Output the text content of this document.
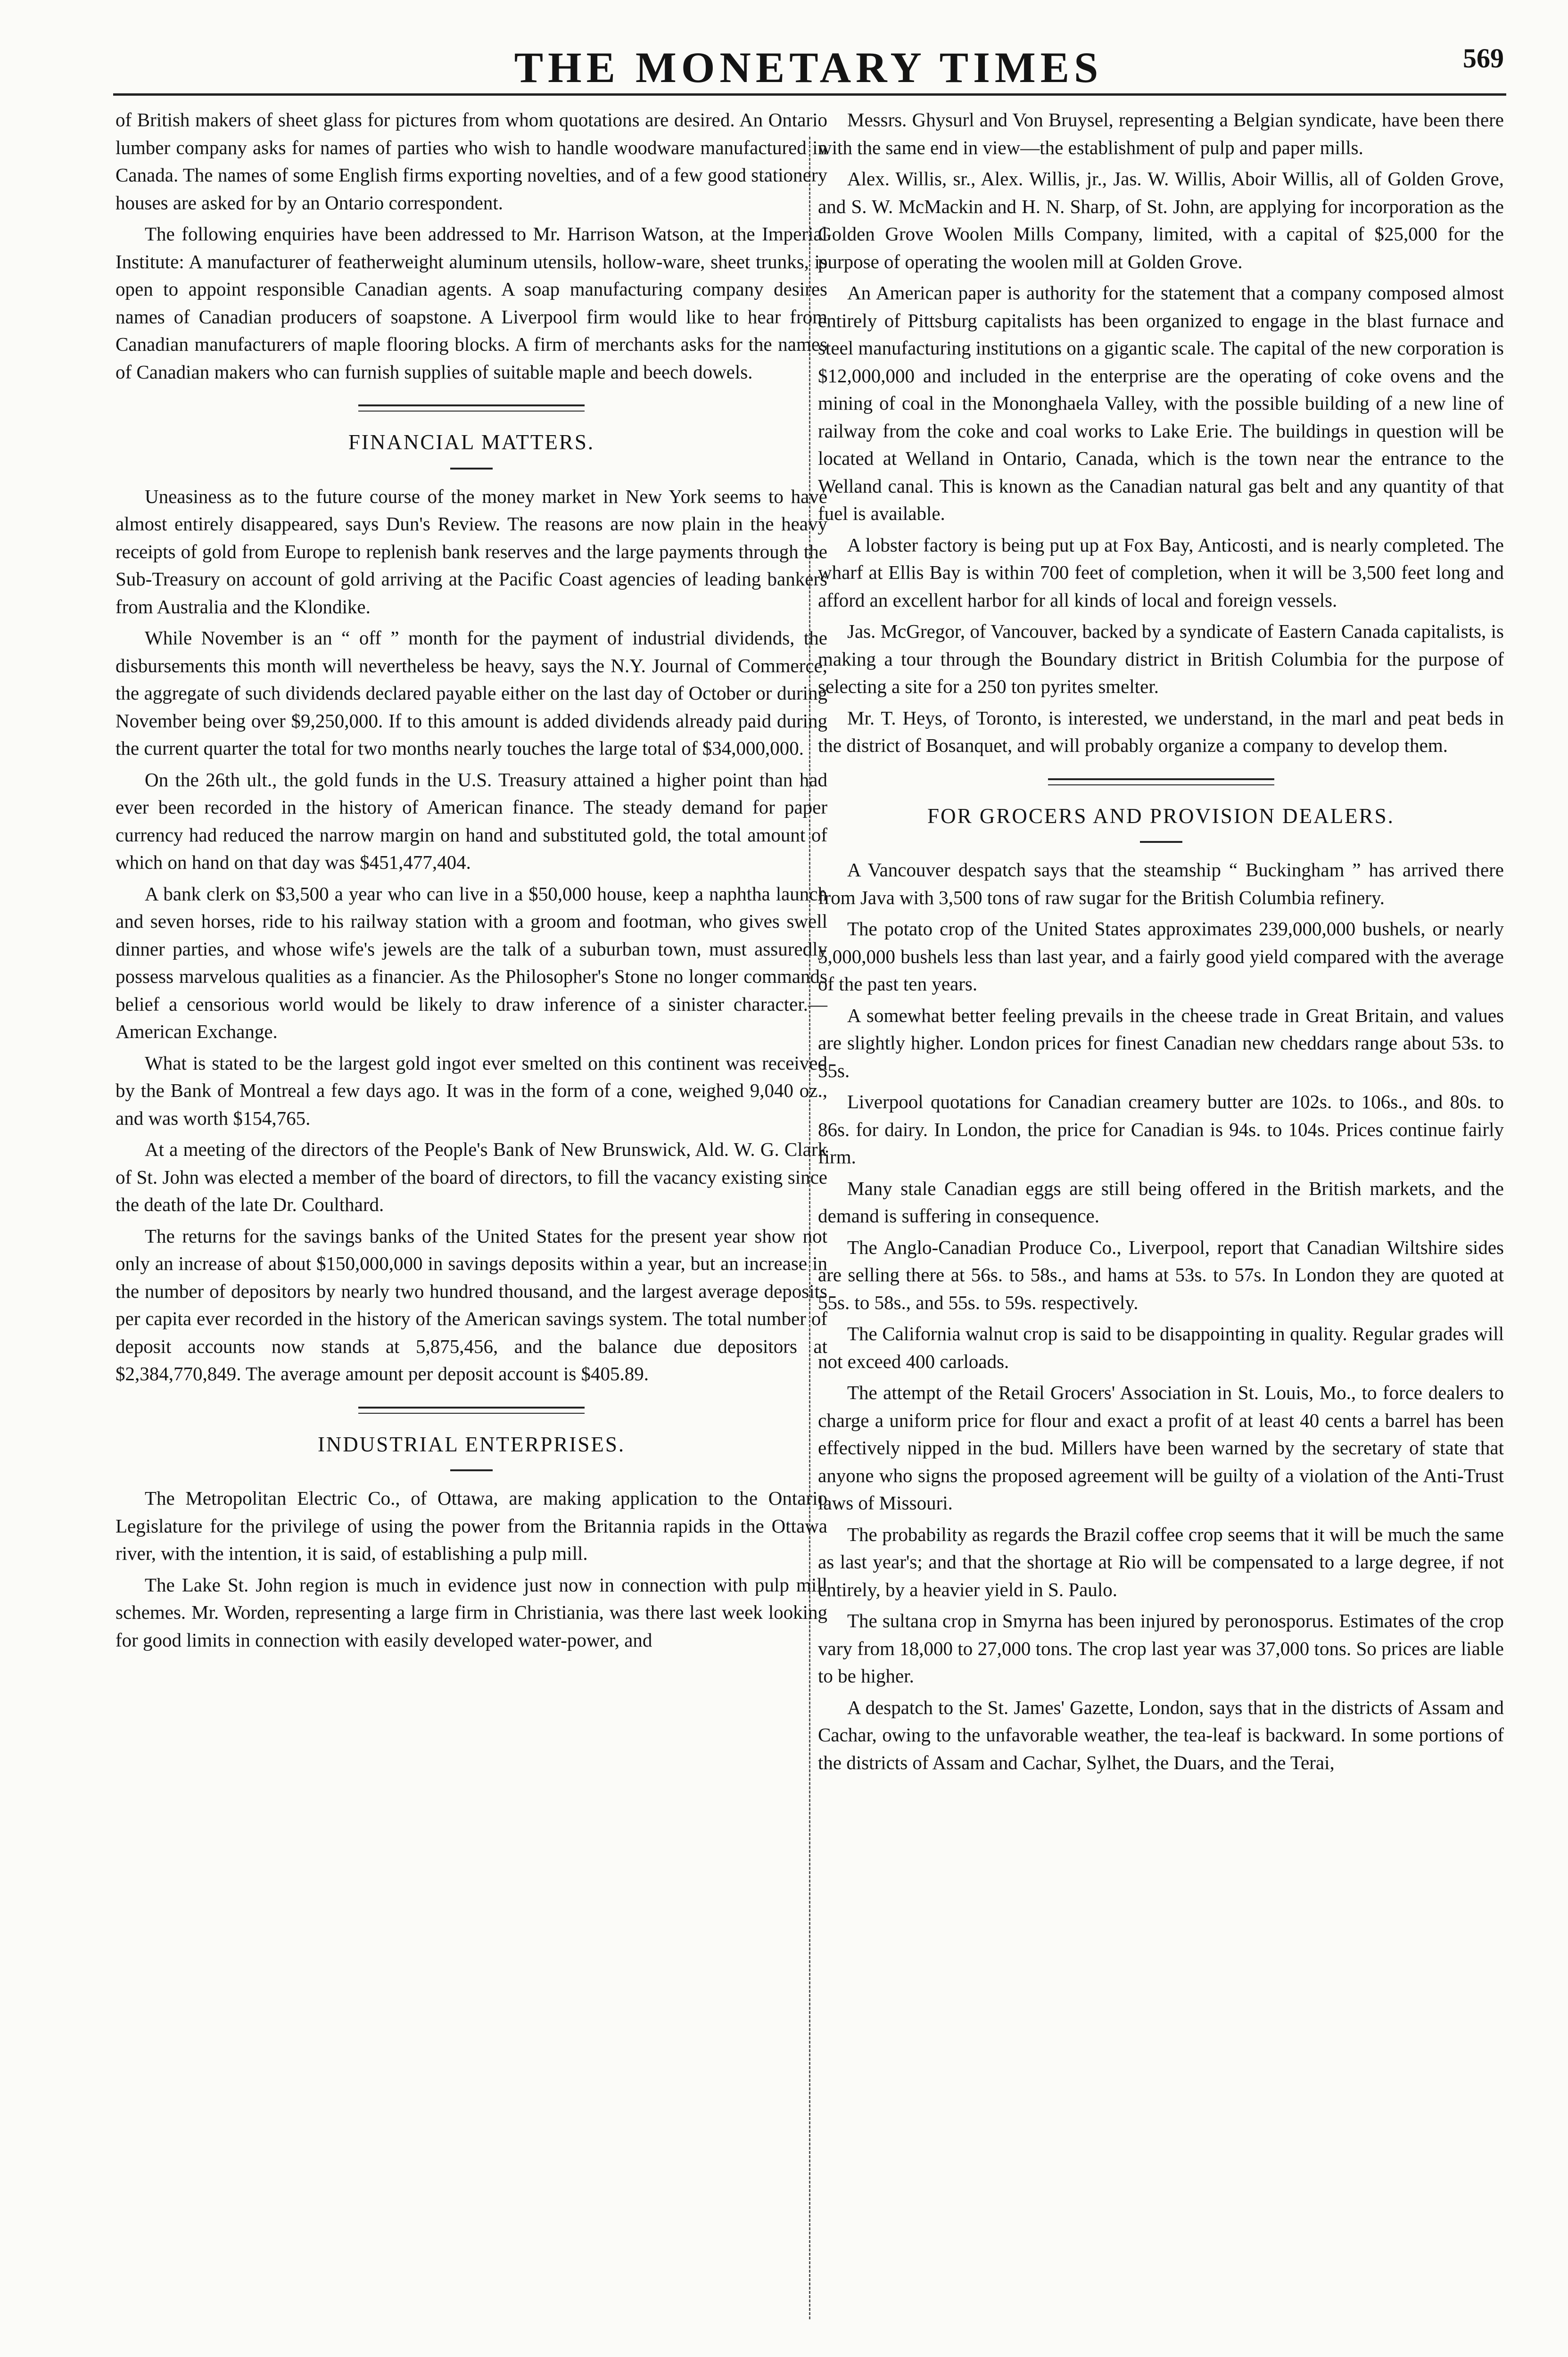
THE MONETARY TIMES	569

of British makers of sheet glass for pictures from whom quotations are desired. An Ontario lumber company asks for names of parties who wish to handle woodware manufactured in Canada. The names of some English firms exporting novelties, and of a few good stationery houses are asked for by an Ontario correspondent.

The following enquiries have been addressed to Mr. Harrison Watson, at the Imperial Institute: A manufacturer of featherweight aluminum utensils, hollow-ware, sheet trunks, is open to appoint responsible Canadian agents. A soap manufacturing company desires names of Canadian producers of soapstone. A Liverpool firm would like to hear from Canadian manufacturers of maple flooring blocks. A firm of merchants asks for the names of Canadian makers who can furnish supplies of suitable maple and beech dowels.

FINANCIAL MATTERS.

Uneasiness as to the future course of the money market in New York seems to have almost entirely disappeared, says Dun's Review. The reasons are now plain in the heavy receipts of gold from Europe to replenish bank reserves and the large payments through the Sub-Treasury on account of gold arriving at the Pacific Coast agencies of leading bankers from Australia and the Klondike.

While November is an “ off ” month for the payment of industrial dividends, the disbursements this month will nevertheless be heavy, says the N.Y. Journal of Commerce, the aggregate of such dividends declared payable either on the last day of October or during November being over $9,250,000. If to this amount is added dividends already paid during the current quarter the total for two months nearly touches the large total of $34,000,000.

On the 26th ult., the gold funds in the U.S. Treasury attained a higher point than had ever been recorded in the history of American finance. The steady demand for paper currency had reduced the narrow margin on hand and substituted gold, the total amount of which on hand on that day was $451,477,404.

A bank clerk on $3,500 a year who can live in a $50,000 house, keep a naphtha launch and seven horses, ride to his railway station with a groom and footman, who gives swell dinner parties, and whose wife's jewels are the talk of a suburban town, must assuredly possess marvelous qualities as a financier. As the Philosopher's Stone no longer commands belief a censorious world would be likely to draw inference of a sinister character.—American Exchange.

What is stated to be the largest gold ingot ever smelted on this continent was received by the Bank of Montreal a few days ago. It was in the form of a cone, weighed 9,040 oz., and was worth $154,765.

At a meeting of the directors of the People's Bank of New Brunswick, Ald. W. G. Clark of St. John was elected a member of the board of directors, to fill the vacancy existing since the death of the late Dr. Coulthard.

The returns for the savings banks of the United States for the present year show not only an increase of about $150,000,000 in savings deposits within a year, but an increase in the number of depositors by nearly two hundred thousand, and the largest average deposits per capita ever recorded in the history of the American savings system. The total number of deposit accounts now stands at 5,875,456, and the balance due depositors at $2,384,770,849. The average amount per deposit account is $405.89.

INDUSTRIAL ENTERPRISES.

The Metropolitan Electric Co., of Ottawa, are making application to the Ontario Legislature for the privilege of using the power from the Britannia rapids in the Ottawa river, with the intention, it is said, of establishing a pulp mill.

The Lake St. John region is much in evidence just now in connection with pulp mill schemes. Mr. Worden, representing a large firm in Christiania, was there last week looking for good limits in connection with easily developed water-power, and

Messrs. Ghysurl and Von Bruysel, representing a Belgian syndicate, have been there with the same end in view—the establishment of pulp and paper mills.

Alex. Willis, sr., Alex. Willis, jr., Jas. W. Willis, Aboir Willis, all of Golden Grove, and S. W. McMackin and H. N. Sharp, of St. John, are applying for incorporation as the Golden Grove Woolen Mills Company, limited, with a capital of $25,000 for the purpose of operating the woolen mill at Golden Grove.

An American paper is authority for the statement that a company composed almost entirely of Pittsburg capitalists has been organized to engage in the blast furnace and steel manufacturing institutions on a gigantic scale. The capital of the new corporation is $12,000,000 and included in the enterprise are the operating of coke ovens and the mining of coal in the Mononghaela Valley, with the possible building of a new line of railway from the coke and coal works to Lake Erie. The buildings in question will be located at Welland in Ontario, Canada, which is the town near the entrance to the Welland canal. This is known as the Canadian natural gas belt and any quantity of that fuel is available.

A lobster factory is being put up at Fox Bay, Anticosti, and is nearly completed. The wharf at Ellis Bay is within 700 feet of completion, when it will be 3,500 feet long and afford an excellent harbor for all kinds of local and foreign vessels.

Jas. McGregor, of Vancouver, backed by a syndicate of Eastern Canada capitalists, is making a tour through the Boundary district in British Columbia for the purpose of selecting a site for a 250 ton pyrites smelter.

Mr. T. Heys, of Toronto, is interested, we understand, in the marl and peat beds in the district of Bosanquet, and will probably organize a company to develop them.

FOR GROCERS AND PROVISION DEALERS.

A Vancouver despatch says that the steamship “ Buckingham ” has arrived there from Java with 3,500 tons of raw sugar for the British Columbia refinery.

The potato crop of the United States approximates 239,000,000 bushels, or nearly 5,000,000 bushels less than last year, and a fairly good yield compared with the average of the past ten years.

A somewhat better feeling prevails in the cheese trade in Great Britain, and values are slightly higher. London prices for finest Canadian new cheddars range about 53s. to 55s.

Liverpool quotations for Canadian creamery butter are 102s. to 106s., and 80s. to 86s. for dairy. In London, the price for Canadian is 94s. to 104s. Prices continue fairly firm.

Many stale Canadian eggs are still being offered in the British markets, and the demand is suffering in consequence.

The Anglo-Canadian Produce Co., Liverpool, report that Canadian Wiltshire sides are selling there at 56s. to 58s., and hams at 53s. to 57s. In London they are quoted at 55s. to 58s., and 55s. to 59s. respectively.

The California walnut crop is said to be disappointing in quality. Regular grades will not exceed 400 carloads.

The attempt of the Retail Grocers' Association in St. Louis, Mo., to force dealers to charge a uniform price for flour and exact a profit of at least 40 cents a barrel has been effectively nipped in the bud. Millers have been warned by the secretary of state that anyone who signs the proposed agreement will be guilty of a violation of the Anti-Trust laws of Missouri.

The probability as regards the Brazil coffee crop seems that it will be much the same as last year's; and that the shortage at Rio will be compensated to a large degree, if not entirely, by a heavier yield in S. Paulo.

The sultana crop in Smyrna has been injured by peronosporus. Estimates of the crop vary from 18,000 to 27,000 tons. The crop last year was 37,000 tons. So prices are liable to be higher.

A despatch to the St. James' Gazette, London, says that in the districts of Assam and Cachar, owing to the unfavorable weather, the tea-leaf is backward. In some portions of the districts of Assam and Cachar, Sylhet, the Duars, and the Terai,
